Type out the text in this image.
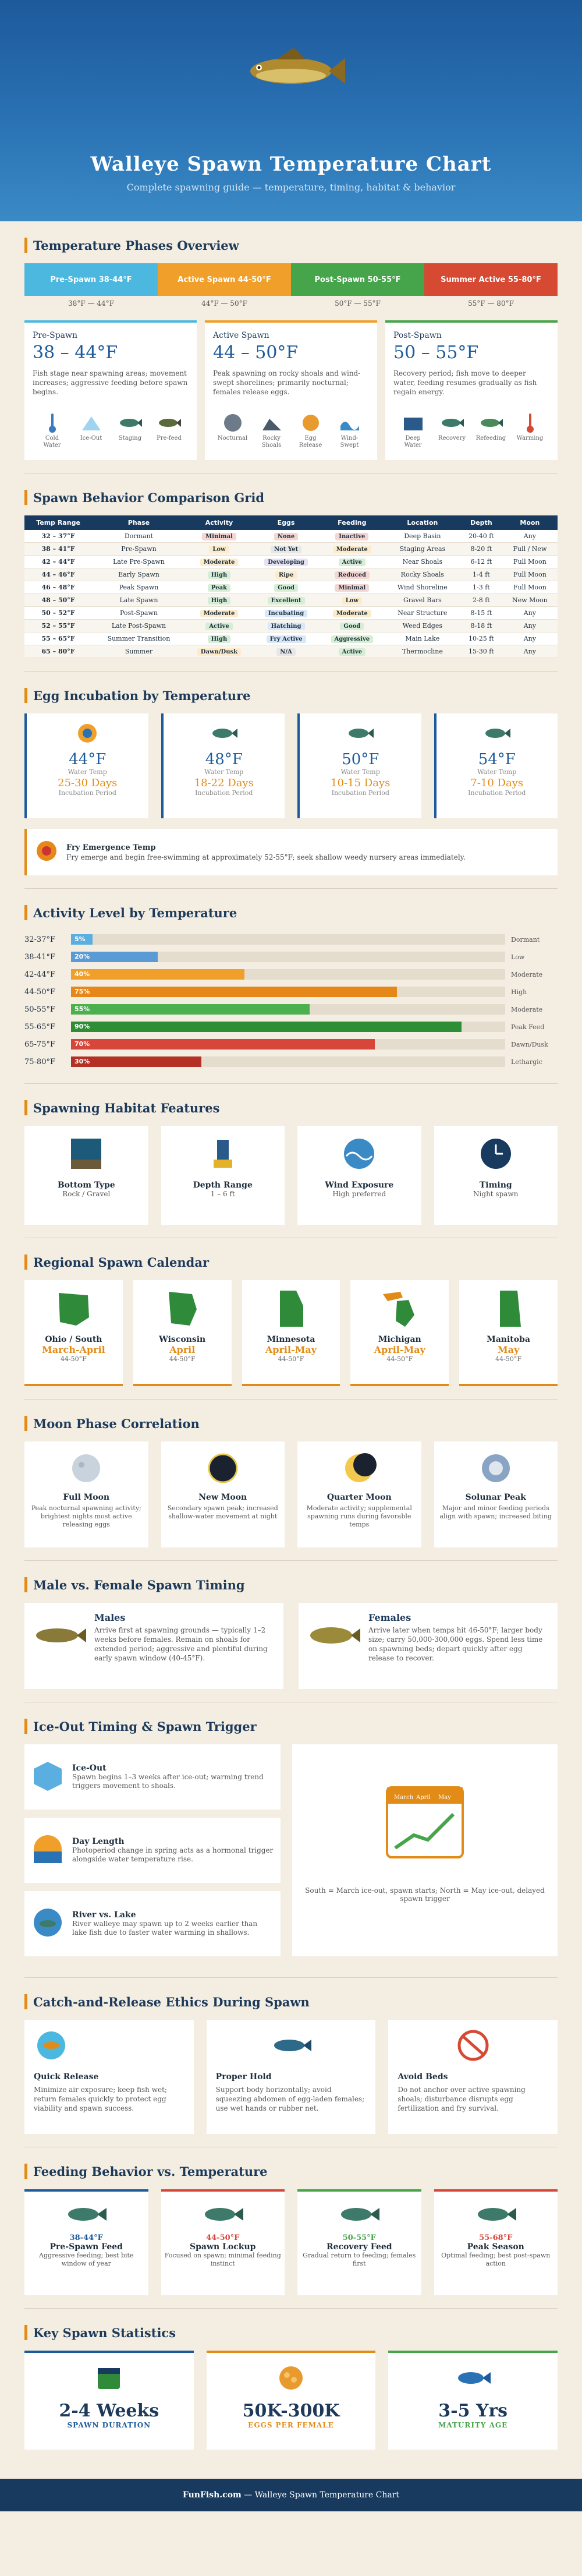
Walleye Spawn Temperature Chart

Complete spawning guide — temperature, timing, habitat & behavior

Temperature Phases Overview
Pre-Spawn 38-44°F	Active Spawn 44-50°F	Post-Spawn 50-55°F	Summer Active 55-80°F
38°F — 44°F	44°F — 50°F	50°F — 55°F	55°F — 80°F
Pre-Spawn
38 – 44°F
Fish stage near spawning areas; movement increases; aggressive feeding before spawn begins.
Cold Water
Ice-Out	Staging	Pre-feed
Active Spawn
44 – 50°F
Peak spawning on rocky shoals and wind-swept shorelines; primarily nocturnal; females release eggs.
Nocturnal	Rocky Shoals
Egg Release
Wind-Swept
Post-Spawn
50 – 55°F
Recovery period; fish move to deeper water, feeding resumes gradually as fish regain energy.
Deep Water
Recovery	Refeeding	Warming
Spawn Behavior Comparison Grid
Temp Range	Phase	Activity	Eggs	Feeding	Location	Depth	Moon
32 – 37°F	Dormant	Minimal	None	Inactive	Deep Basin	20-40 ft	Any
38 – 41°F	Pre-Spawn	Low	Not Yet	Moderate	Staging Areas	8-20 ft	Full / New
42 – 44°F	Late Pre-Spawn	Moderate	Developing	Active	Near Shoals	6-12 ft	Full Moon
44 – 46°F	Early Spawn	High	Ripe	Reduced	Rocky Shoals	1-4 ft	Full Moon
46 – 48°F	Peak Spawn	Peak	Good	Minimal	Wind Shoreline	1-3 ft	Full Moon
48 – 50°F	Late Spawn	High	Excellent	Low	Gravel Bars	2-8 ft	New Moon
50 – 52°F	Post-Spawn	Moderate	Incubating	Moderate	Near Structure	8-15 ft	Any
52 – 55°F	Late Post-Spawn	Active	Hatching	Good	Weed Edges	8-18 ft	Any
55 – 65°F	Summer Transition	High	Fry Active	Aggressive	Main Lake	10-25 ft	Any
65 – 80°F	Summer	Dawn/Dusk	N/A	Active	Thermocline	15-30 ft	Any
Egg Incubation by Temperature
44°F
Water Temp
25-30 Days
Incubation Period
48°F
Water Temp
18-22 Days
Incubation Period
50°F
Water Temp
10-15 Days
Incubation Period
54°F
Water Temp
7-10 Days
Incubation Period
Fry Emergence Temp
Fry emerge and begin free-swimming at approximately 52-55°F; seek shallow weedy nursery areas immediately.
Activity Level by Temperature
32-37°F	5%	Dormant
38-41°F	20%	Low
42-44°F	40%	Moderate
44-50°F	75%	High
50-55°F	55%	Moderate
55-65°F	90%	Peak Feed
65-75°F	70%	Dawn/Dusk
75-80°F	30%	Lethargic
Spawning Habitat Features
Bottom Type
Rock / Gravel
Depth Range
1 – 6 ft
Wind Exposure
High preferred
Timing
Night spawn
Regional Spawn Calendar
Ohio / South
March-April
44-50°F
Wisconsin
April
44-50°F
Minnesota
April-May
44-50°F
Michigan
April-May
44-50°F
Manitoba
May
44-50°F
Moon Phase Correlation
Full Moon
Peak nocturnal spawning activity; brightest nights most active releasing eggs
New Moon
Secondary spawn peak; increased shallow-water movement at night
Quarter Moon
Moderate activity; supplemental spawning runs during favorable temps
Solunar Peak
Major and minor feeding periods align with spawn; increased biting
Male vs. Female Spawn Timing
Males
Arrive first at spawning grounds — typically 1–2 weeks before females. Remain on shoals for extended period; aggressive and plentiful during early spawn window (40-45°F).
Females
Arrive later when temps hit 46-50°F; larger body size; carry 50,000-300,000 eggs. Spend less time on spawning beds; depart quickly after egg release to recover.
Ice-Out Timing & Spawn Trigger
Ice-Out
Spawn begins 1–3 weeks after ice-out; warming trend triggers movement to shoals.
Day Length
Photoperiod change in spring acts as a hormonal trigger alongside water temperature rise.
River vs. Lake
River walleye may spawn up to 2 weeks earlier than lake fish due to faster water warming in shallows.
March April May
South = March ice-out, spawn starts; North = May ice-out, delayed spawn trigger
Catch-and-Release Ethics During Spawn
Quick Release
Minimize air exposure; keep fish wet; return females quickly to protect egg viability and spawn success.
Proper Hold
Support body horizontally; avoid squeezing abdomen of egg-laden females; use wet hands or rubber net.
Avoid Beds
Do not anchor over active spawning shoals; disturbance disrupts egg fertilization and fry survival.
Feeding Behavior vs. Temperature
38-44°F
Pre-Spawn Feed
Aggressive feeding; best bite window of year
44-50°F
Spawn Lockup
Focused on spawn; minimal feeding instinct
50-55°F
Recovery Feed
Gradual return to feeding; females first
55-68°F
Peak Season
Optimal feeding; best post-spawn action
Key Spawn Statistics
2-4 Weeks
SPAWN DURATION
50K-300K
EGGS PER FEMALE
3-5 Yrs
MATURITY AGE
FunFish.com — Walleye Spawn Temperature Chart
